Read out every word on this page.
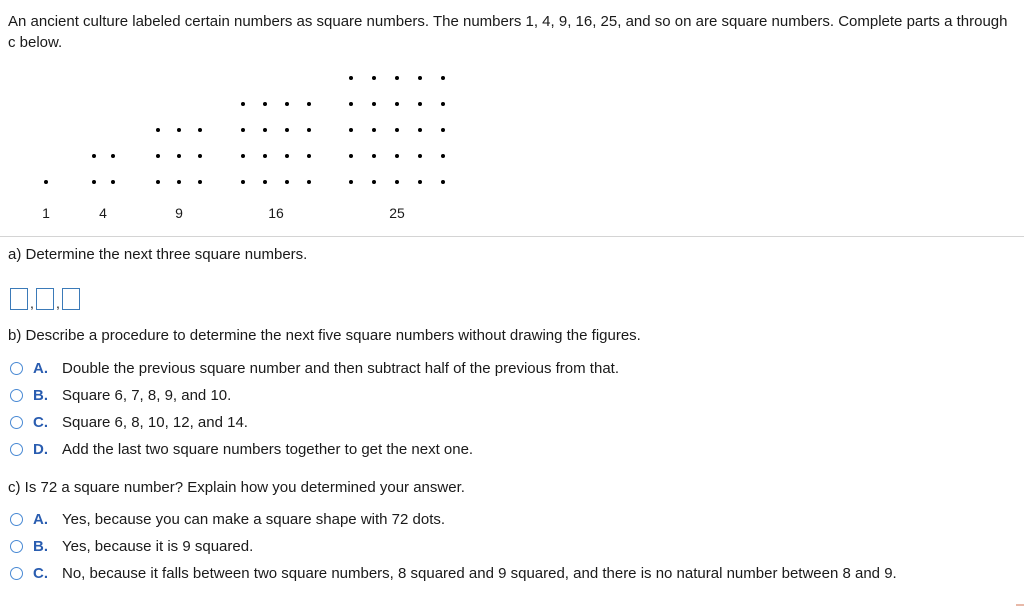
An ancient culture labeled certain numbers as square numbers. The numbers 1, 4, 9, 16, 25, and so on are square numbers. Complete parts a through c below.
1	4	9	16	25
a) Determine the next three square numbers.
, ,
b) Describe a procedure to determine the next five square numbers without drawing the figures.
A. Double the previous square number and then subtract half of the previous from that.
B. Square 6, 7, 8, 9, and 10.
C. Square 6, 8, 10, 12, and 14.
D. Add the last two square numbers together to get the next one.
c) Is 72 a square number? Explain how you determined your answer.
A. Yes, because you can make a square shape with 72 dots.
B. Yes, because it is 9 squared.
C. No, because it falls between two square numbers, 8 squared and 9 squared, and there is no natural number between 8 and 9.
